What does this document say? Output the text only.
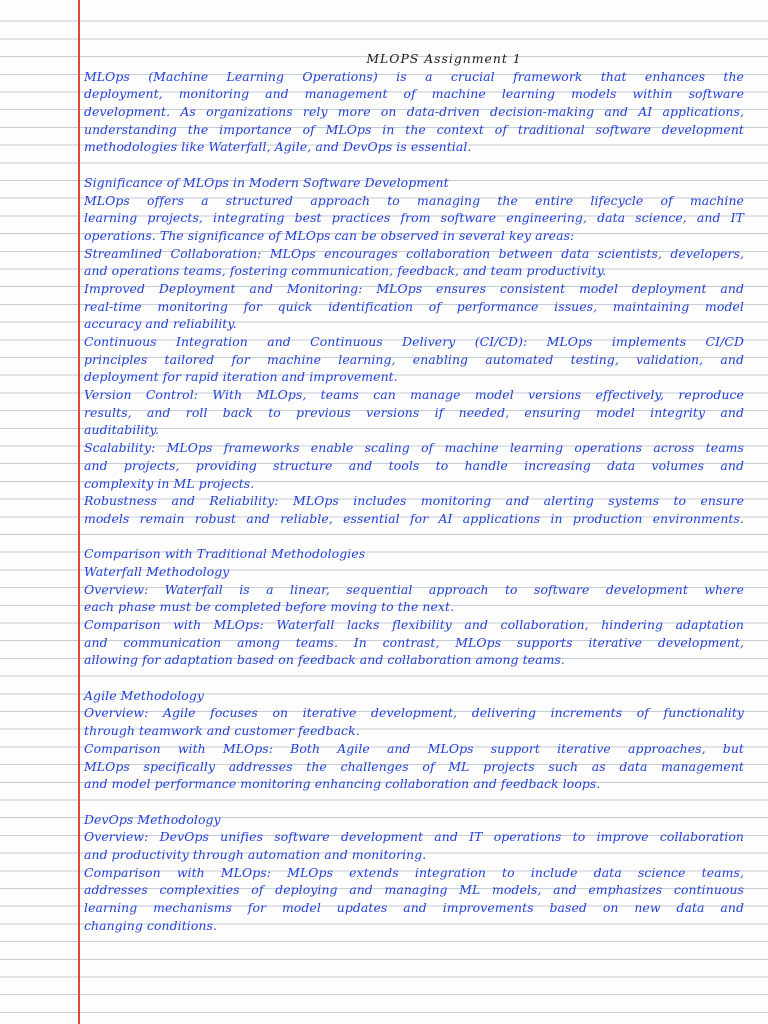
MLOPS Assignment 1
MLOps (Machine Learning Operations) is a crucial framework that enhances the
deployment, monitoring and management of machine learning models within software
development. As organizations rely more on data-driven decision-making and AI applications,
understanding the importance of MLOps in the context of traditional software development
methodologies like Waterfall, Agile, and DevOps is essential.
Significance of MLOps in Modern Software Development
MLOps offers a structured approach to managing the entire lifecycle of machine
learning projects, integrating best practices from software engineering, data science, and IT
operations. The significance of MLOps can be observed in several key areas:
Streamlined Collaboration: MLOps encourages collaboration between data scientists, developers,
and operations teams, fostering communication, feedback, and team productivity.
Improved Deployment and Monitoring: MLOps ensures consistent model deployment and
real-time monitoring for quick identification of performance issues, maintaining model
accuracy and reliability.
Continuous Integration and Continuous Delivery (CI/CD): MLOps implements CI/CD
principles tailored for machine learning, enabling automated testing, validation, and
deployment for rapid iteration and improvement.
Version Control: With MLOps, teams can manage model versions effectively, reproduce
results, and roll back to previous versions if needed, ensuring model integrity and
auditability.
Scalability: MLOps frameworks enable scaling of machine learning operations across teams
and projects, providing structure and tools to handle increasing data volumes and
complexity in ML projects.
Robustness and Reliability: MLOps includes monitoring and alerting systems to ensure
models remain robust and reliable, essential for AI applications in production environments.
Comparison with Traditional Methodologies
Waterfall Methodology
Overview: Waterfall is a linear, sequential approach to software development where
each phase must be completed before moving to the next.
Comparison with MLOps: Waterfall lacks flexibility and collaboration, hindering adaptation
and communication among teams. In contrast, MLOps supports iterative development,
allowing for adaptation based on feedback and collaboration among teams.
Agile Methodology
Overview: Agile focuses on iterative development, delivering increments of functionality
through teamwork and customer feedback.
Comparison with MLOps: Both Agile and MLOps support iterative approaches, but
MLOps specifically addresses the challenges of ML projects such as data management
and model performance monitoring enhancing collaboration and feedback loops.
DevOps Methodology
Overview: DevOps unifies software development and IT operations to improve collaboration
and productivity through automation and monitoring.
Comparison with MLOps: MLOps extends integration to include data science teams,
addresses complexities of deploying and managing ML models, and emphasizes continuous
learning mechanisms for model updates and improvements based on new data and
changing conditions.
